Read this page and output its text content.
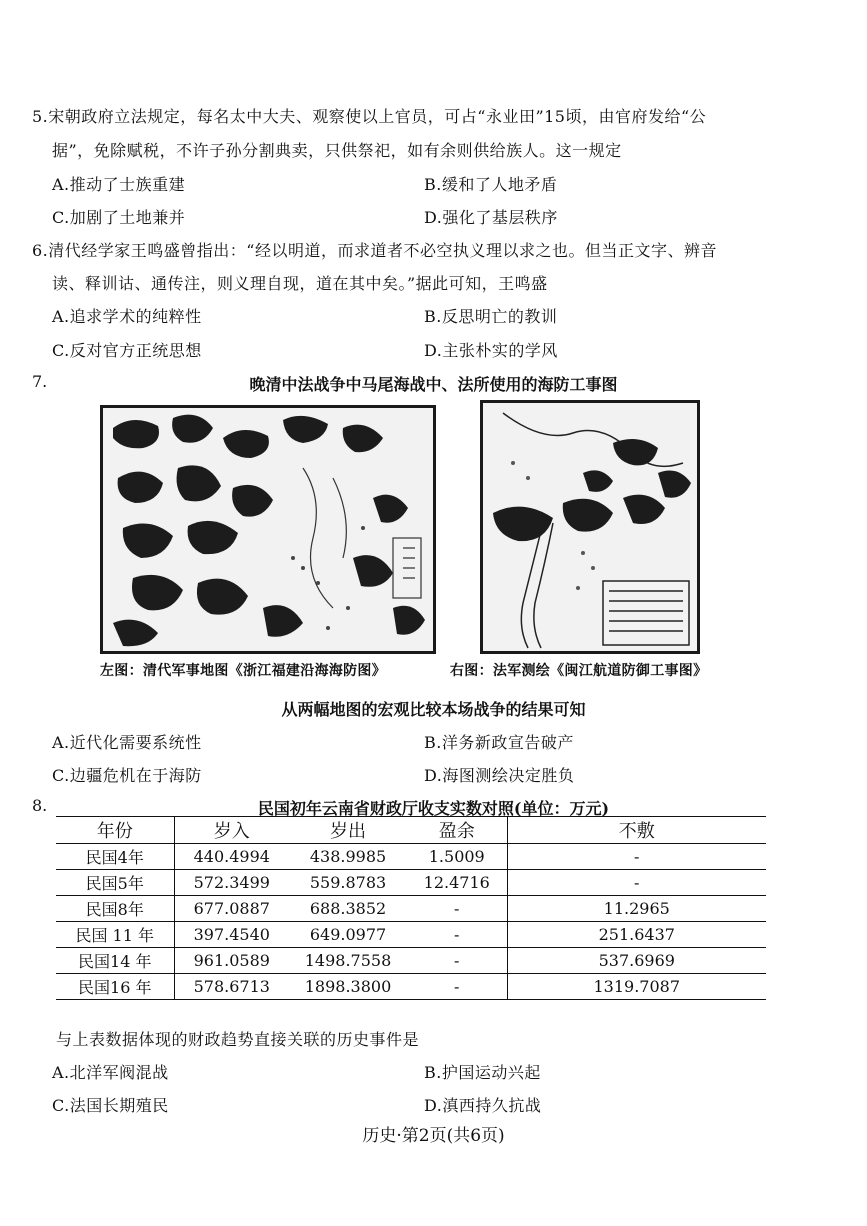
5.宋朝政府立法规定，每名太中大夫、观察使以上官员，可占“永业田”15顷，由官府发给“公
据”，免除赋税，不许子孙分割典卖，只供祭祀，如有余则供给族人。这一规定
A.推动了士族重建	B.缓和了人地矛盾
C.加剧了土地兼并	D.强化了基层秩序
6.清代经学家王鸣盛曾指出：“经以明道，而求道者不必空执义理以求之也。但当正文字、辨音
读、释训诂、通传注，则义理自现，道在其中矣。”据此可知，王鸣盛
A.追求学术的纯粹性	B.反思明亡的教训
C.反对官方正统思想	D.主张朴实的学风
7.	晚清中法战争中马尾海战中、法所使用的海防工事图
左图：清代军事地图《浙江福建沿海海防图》	右图：法军测绘《闽江航道防御工事图》
从两幅地图的宏观比较本场战争的结果可知
A.近代化需要系统性	B.洋务新政宣告破产
C.边疆危机在于海防	D.海图测绘决定胜负
8.	民国初年云南省财政厅收支实数对照(单位：万元)
年份	岁入	岁出	盈余	不敷
民国4年	440.4994	438.9985	1.5009	-
民国5年	572.3499	559.8783	12.4716	-
民国8年	677.0887	688.3852	-	11.2965
民国 11 年	397.4540	649.0977	-	251.6437
民国14 年	961.0589	1498.7558	-	537.6969
民国16 年	578.6713	1898.3800	-	1319.7087
与上表数据体现的财政趋势直接关联的历史事件是
A.北洋军阀混战	B.护国运动兴起
C.法国长期殖民	D.滇西持久抗战
历史·第2页(共6页)
